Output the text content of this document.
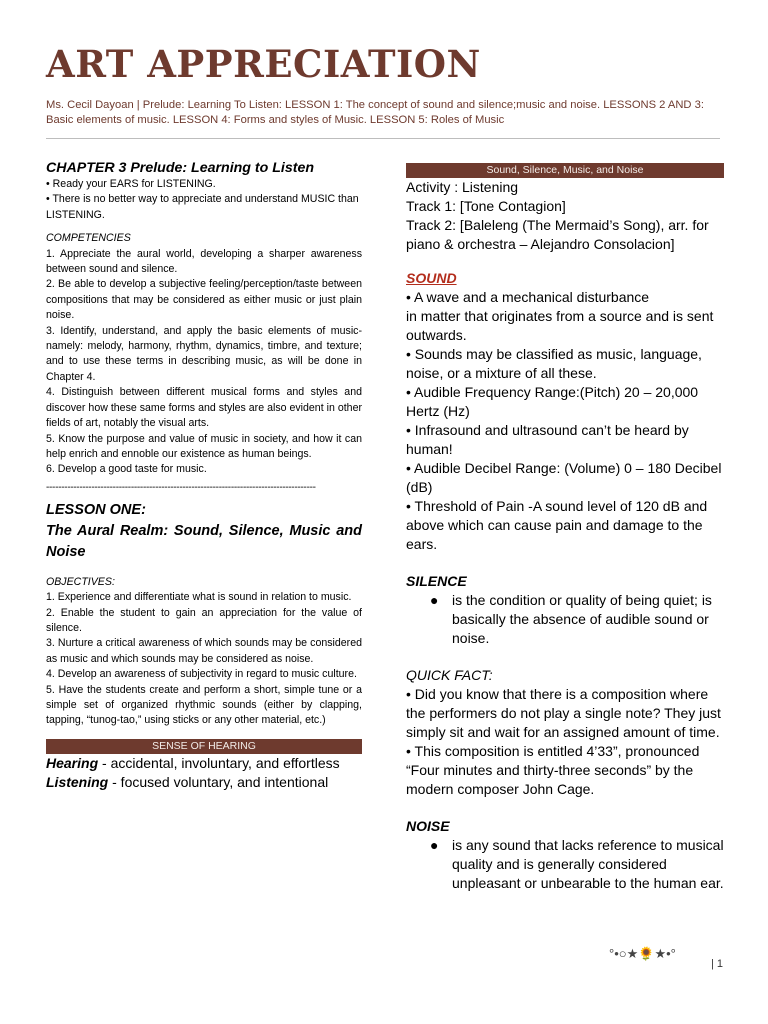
ART APPRECIATION
Ms. Cecil Dayoan | Prelude: Learning To Listen: LESSON 1: The concept of sound and silence;music and noise. LESSONS 2 AND 3: Basic elements of music. LESSON 4: Forms and styles of Music. LESSON 5: Roles of Music
CHAPTER 3 Prelude: Learning to Listen
• Ready your EARS for LISTENING.
• There is no better way to appreciate and understand MUSIC than LISTENING.
COMPETENCIES
1. Appreciate the aural world, developing a sharper awareness between sound and silence.
2. Be able to develop a subjective feeling/perception/taste between compositions that may be considered as either music or just plain noise.
3. Identify, understand, and apply the basic elements of music-namely: melody, harmony, rhythm, dynamics, timbre, and texture; and to use these terms in describing music, as will be done in Chapter 4.
4. Distinguish between different musical forms and styles and discover how these same forms and styles are also evident in other fields of art, notably the visual arts.
5. Know the purpose and value of music in society, and how it can help enrich and ennoble our existence as human beings.
6. Develop a good taste for music.
-----------------------------------------------------------------------------------------
LESSON ONE:
The Aural Realm: Sound, Silence, Music and Noise
OBJECTIVES:
1. Experience and differentiate what is sound in relation to music.
2. Enable the student to gain an appreciation for the value of silence.
3. Nurture a critical awareness of which sounds may be considered as music and which sounds may be considered as noise.
4. Develop an awareness of subjectivity in regard to music culture.
5. Have the students create and perform a short, simple tune or a simple set of organized rhythmic sounds (either by clapping, tapping, “tunog-tao,” using sticks or any other material, etc.)
SENSE OF HEARING
Hearing - accidental, involuntary, and effortless
Listening - focused voluntary, and intentional
Sound, Silence, Music, and Noise
Activity : Listening
Track 1: [Tone Contagion]
Track 2: [Baleleng (The Mermaid’s Song), arr. for piano & orchestra – Alejandro Consolacion]
SOUND
• A wave and a mechanical disturbance
in matter that originates from a source and is sent outwards.
• Sounds may be classified as music, language, noise, or a mixture of all these.
• Audible Frequency Range:(Pitch) 20 – 20,000 Hertz (Hz)
• Infrasound and ultrasound can’t be heard by human!
• Audible Decibel Range: (Volume) 0 – 180 Decibel (dB)
• Threshold of Pain -A sound level of 120 dB and above which can cause pain and damage to the ears.
SILENCE
● is the condition or quality of being quiet; is basically the absence of audible sound or noise.
QUICK FACT:
• Did you know that there is a composition where the performers do not play a single note? They just simply sit and wait for an assigned amount of time.
• This composition is entitled 4’33”, pronounced “Four minutes and thirty-three seconds” by the modern composer John Cage.
NOISE
● is any sound that lacks reference to musical quality and is generally considered unpleasant or unbearable to the human ear.
°•○★🌻★•°
| 1
